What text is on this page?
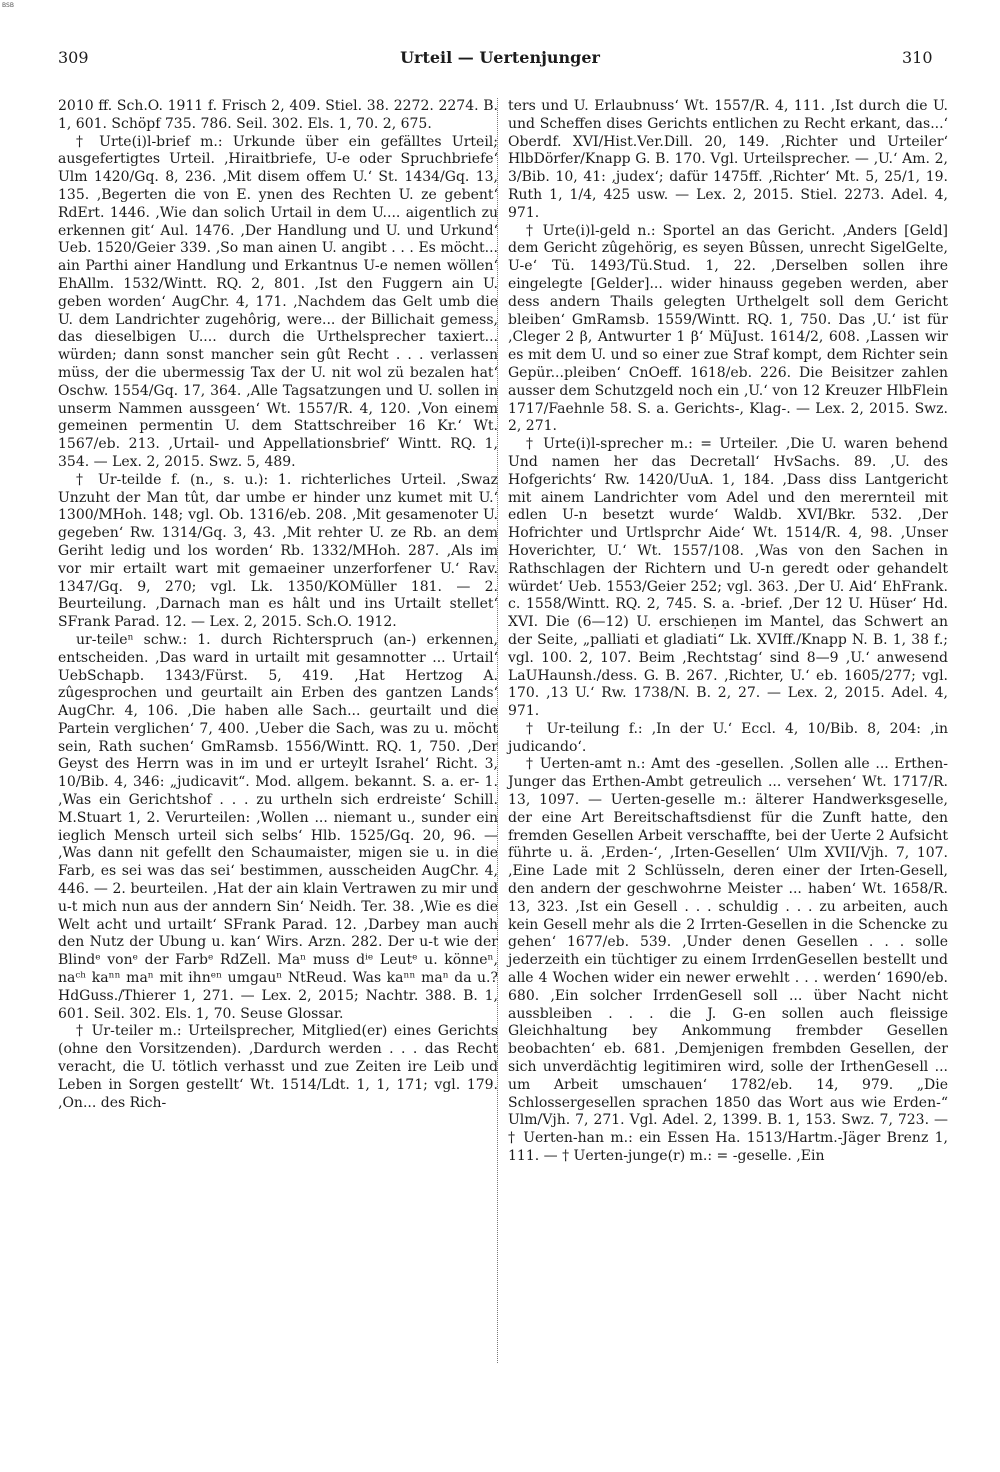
BSB
309	Urteil — Uertenjunger	310

2010 ff. Sch.O. 1911 f. Frisch 2, 409. Stiel. 38. 2272. 2274. B. 1, 601. Schöpf 735. 786. Seil. 302. Els. 1, 70. 2, 675.

† Urte(i)l-brief m.: Urkunde über ein gefälltes Urteil; ausgefertigtes Urteil. ‚Hiraitbriefe, U-e oder Spruchbriefe‘ Ulm 1420/Gq. 8, 236. ‚Mit disem offem U.‘ St. 1434/Gq. 13, 135. ‚Begerten die von E. ynen des Rechten U. ze gebent‘ RdErt. 1446. ‚Wie dan solich Urtail in dem U.... aigentlich zu erkennen git‘ Aul. 1476. ‚Der Handlung und U. und Urkund‘ Ueb. 1520/Geier 339. ‚So man ainen U. angibt . . . Es möcht... ain Parthi ainer Handlung und Erkantnus U-e nemen wöllen‘ EhAllm. 1532/Wintt. RQ. 2, 801. ‚Ist den Fuggern ain U. geben worden‘ AugChr. 4, 171. ‚Nachdem das Gelt umb die U. dem Landrichter zugehôrig, were... der Billichait gemess, das dieselbigen U.... durch die Urthelsprecher taxiert... würden; dann sonst mancher sein gût Recht . . . verlassen müss, der die ubermessig Tax der U. nit wol zü bezalen hat‘ Oschw. 1554/Gq. 17, 364. ‚Alle Tagsatzungen und U. sollen in unserm Nammen aussgeen‘ Wt. 1557/R. 4, 120. ‚Von einem gemeinen permentin U. dem Stattschreiber 16 Kr.‘ Wt. 1567/eb. 213. ‚Urtail- und Appellationsbrief‘ Wintt. RQ. 1, 354. — Lex. 2, 2015. Swz. 5, 489.

† Ur-teilde f. (n., s. u.): 1. richterliches Urteil. ‚Swaz Unzuht der Man tût, dar umbe er hinder unz kumet mit U.‘ 1300/MHoh. 148; vgl. Ob. 1316/eb. 208. ‚Mit gesamenoter U. gegeben‘ Rw. 1314/Gq. 3, 43. ‚Mit rehter U. ze Rb. an dem Geriht ledig und los worden‘ Rb. 1332/MHoh. 287. ‚Als im vor mir ertailt wart mit gemaeiner unzerforfener U.‘ Rav. 1347/Gq. 9, 270; vgl. Lk. 1350/KOMüller 181. — 2. Beurteilung. ‚Darnach man es hâlt und ins Urtailt stellet‘ SFrank Parad. 12. — Lex. 2, 2015. Sch.O. 1912.

ur-teileⁿ schw.: 1. durch Richterspruch (an-) erkennen, entscheiden. ‚Das ward in urtailt mit gesamnotter ... Urtail‘ UebSchapb. 1343/Fürst. 5, 419. ‚Hat Hertzog A. zûgesprochen und geurtailt ain Erben des gantzen Lands‘ AugChr. 4, 106. ‚Die haben alle Sach... geurtailt und die Partein verglichen‘ 7, 400. ‚Ueber die Sach, was zu u. möcht sein, Rath suchen‘ GmRamsb. 1556/Wintt. RQ. 1, 750. ‚Der Geyst des Herrn was in im und er urteylt Israhel‘ Richt. 3, 10/Bib. 4, 346: „judicavit“. Mod. allgem. bekannt. S. a. er- 1. ‚Was ein Gerichtshof . . . zu urtheln sich erdreiste‘ Schill. M.Stuart 1, 2. Verurteilen: ‚Wollen ... niemant u., sunder ein ieglich Mensch urteil sich selbs‘ Hlb. 1525/Gq. 20, 96. — ‚Was dann nit gefellt den Schaumaister, migen sie u. in die Farb, es sei was das sei‘ bestimmen, ausscheiden AugChr. 4, 446. — 2. beurteilen. ‚Hat der ain klain Vertrawen zu mir und u-t mich nun aus der anndern Sin‘ Neidh. Ter. 38. ‚Wie es die Welt acht und urtailt‘ SFrank Parad. 12. ‚Darbey man auch den Nutz der Ubung u. kan‘ Wirs. Arzn. 282. Der u-t wie der Blindᵉ vonᵉ der Farbᵉ RdZell. Maⁿ muss dⁱᵉ Leutᵉ u. könneⁿ, naᶜʰ kaⁿⁿ maⁿ mit ihnᵉⁿ umgauⁿ NtReud. Was kaⁿⁿ maⁿ da u.? HdGuss./Thierer 1, 271. — Lex. 2, 2015; Nachtr. 388. B. 1, 601. Seil. 302. Els. 1, 70. Seuse Glossar.

† Ur-teiler m.: Urteilsprecher, Mitglied(er) eines Gerichts (ohne den Vorsitzenden). ‚Dardurch werden . . . das Recht veracht, die U. tötlich verhasst und zue Zeiten ire Leib und Leben in Sorgen gestellt‘ Wt. 1514/Ldt. 1, 1, 171; vgl. 179. ‚On... des Rich-

ters und U. Erlaubnuss‘ Wt. 1557/R. 4, 111. ‚Ist durch die U. und Scheffen dises Gerichts entlichen zu Recht erkant, das...‘ Oberdf. XVI/Hist.Ver.Dill. 20, 149. ‚Richter und Urteiler‘ HlbDörfer/Knapp G. B. 170. Vgl. Urteilsprecher. — ‚U.‘ Am. 2, 3/Bib. 10, 41: ‚judex‘; dafür 1475ff. ‚Richter‘ Mt. 5, 25/1, 19. Ruth 1, 1/4, 425 usw. — Lex. 2, 2015. Stiel. 2273. Adel. 4, 971.

† Urte(i)l-geld n.: Sportel an das Gericht. ‚Anders [Geld] dem Gericht zûgehörig, es seyen Bûssen, unrecht SigelGelte, U-e‘ Tü. 1493/Tü.Stud. 1, 22. ‚Derselben sollen ihre eingelegte [Gelder]... wider hinauss gegeben werden, aber dess andern Thails gelegten Urthelgelt soll dem Gericht bleiben‘ GmRamsb. 1559/Wintt. RQ. 1, 750. Das ‚U.‘ ist für ‚Cleger 2 β, Antwurter 1 β‘ MüJust. 1614/2, 608. ‚Lassen wir es mit dem U. und so einer zue Straf kompt, dem Richter sein Gepür...pleiben‘ CnOeff. 1618/eb. 226. Die Beisitzer zahlen ausser dem Schutzgeld noch ein ‚U.‘ von 12 Kreuzer HlbFlein 1717/Faehnle 58. S. a. Gerichts-, Klag-. — Lex. 2, 2015. Swz. 2, 271.

† Urte(i)l-sprecher m.: = Urteiler. ‚Die U. waren behend Und namen her das Decretall‘ HvSachs. 89. ‚U. des Hofgerichts‘ Rw. 1420/UuA. 1, 184. ‚Dass diss Lantgericht mit ainem Landrichter vom Adel und den merernteil mit edlen U-n besetzt wurde‘ Waldb. XVI/Bkr. 532. ‚Der Hofrichter und Urtlsprchr Aide‘ Wt. 1514/R. 4, 98. ‚Unser Hoverichter, U.‘ Wt. 1557/108. ‚Was von den Sachen in Rathschlagen der Richtern und U-n geredt oder gehandelt würdet‘ Ueb. 1553/Geier 252; vgl. 363. ‚Der U. Aid‘ EhFrank. c. 1558/Wintt. RQ. 2, 745. S. a. -brief. ‚Der 12 U. Hüser‘ Hd. XVI. Die (6—12) U. erschieṇen im Mantel, das Schwert an der Seite, „palliati et gladiati“ Lk. XVIff./Knapp N. B. 1, 38 f.; vgl. 100. 2, 107. Beim ‚Rechtstag‘ sind 8—9 ‚U.‘ anwesend LaUHaunsh./dess. G. B. 267. ‚Richter, U.‘ eb. 1605/277; vgl. 170. ‚13 U.‘ Rw. 1738/N. B. 2, 27. — Lex. 2, 2015. Adel. 4, 971.

† Ur-teilung f.: ‚In der U.‘ Eccl. 4, 10/Bib. 8, 204: ‚in judicando‘.

† Uerten-amt n.: Amt des -gesellen. ‚Sollen alle ... Erthen-Junger das Erthen-Ambt getreulich ... versehen‘ Wt. 1717/R. 13, 1097. — Uerten-geselle m.: älterer Handwerksgeselle, der eine Art Bereitschaftsdienst für die Zunft hatte, den fremden Gesellen Arbeit verschaffte, bei der Uerte 2 Aufsicht führte u. ä. ‚Erden-‘, ‚Irten-Gesellen‘ Ulm XVII/Vjh. 7, 107. ‚Eine Lade mit 2 Schlüsseln, deren einer der Irten-Gesell, den andern der geschwohrne Meister ... haben‘ Wt. 1658/R. 13, 323. ‚Ist ein Gesell . . . schuldig . . . zu arbeiten, auch kein Gesell mehr als die 2 Irrten-Gesellen in die Schencke zu gehen‘ 1677/eb. 539. ‚Under denen Gesellen . . . solle jederzeith ein tüchtiger zu einem IrrdenGesellen bestellt und alle 4 Wochen wider ein newer erwehlt . . . werden‘ 1690/eb. 680. ‚Ein solcher IrrdenGesell soll ... über Nacht nicht aussbleiben . . . die J. G-en sollen auch fleissige Gleichhaltung bey Ankommung frembder Gesellen beobachten‘ eb. 681. ‚Demjenigen frembden Gesellen, der sich unverdächtig legitimiren wird, solle der IrthenGesell ... um Arbeit umschauen‘ 1782/eb. 14, 979. „Die Schlossergesellen sprachen 1850 das Wort aus wie Erden-“ Ulm/Vjh. 7, 271. Vgl. Adel. 2, 1399. B. 1, 153. Swz. 7, 723. — † Uerten-han m.: ein Essen Ha. 1513/Hartm.-Jäger Brenz 1, 111. — † Uerten-junge(r) m.: = -geselle. ‚Ein
